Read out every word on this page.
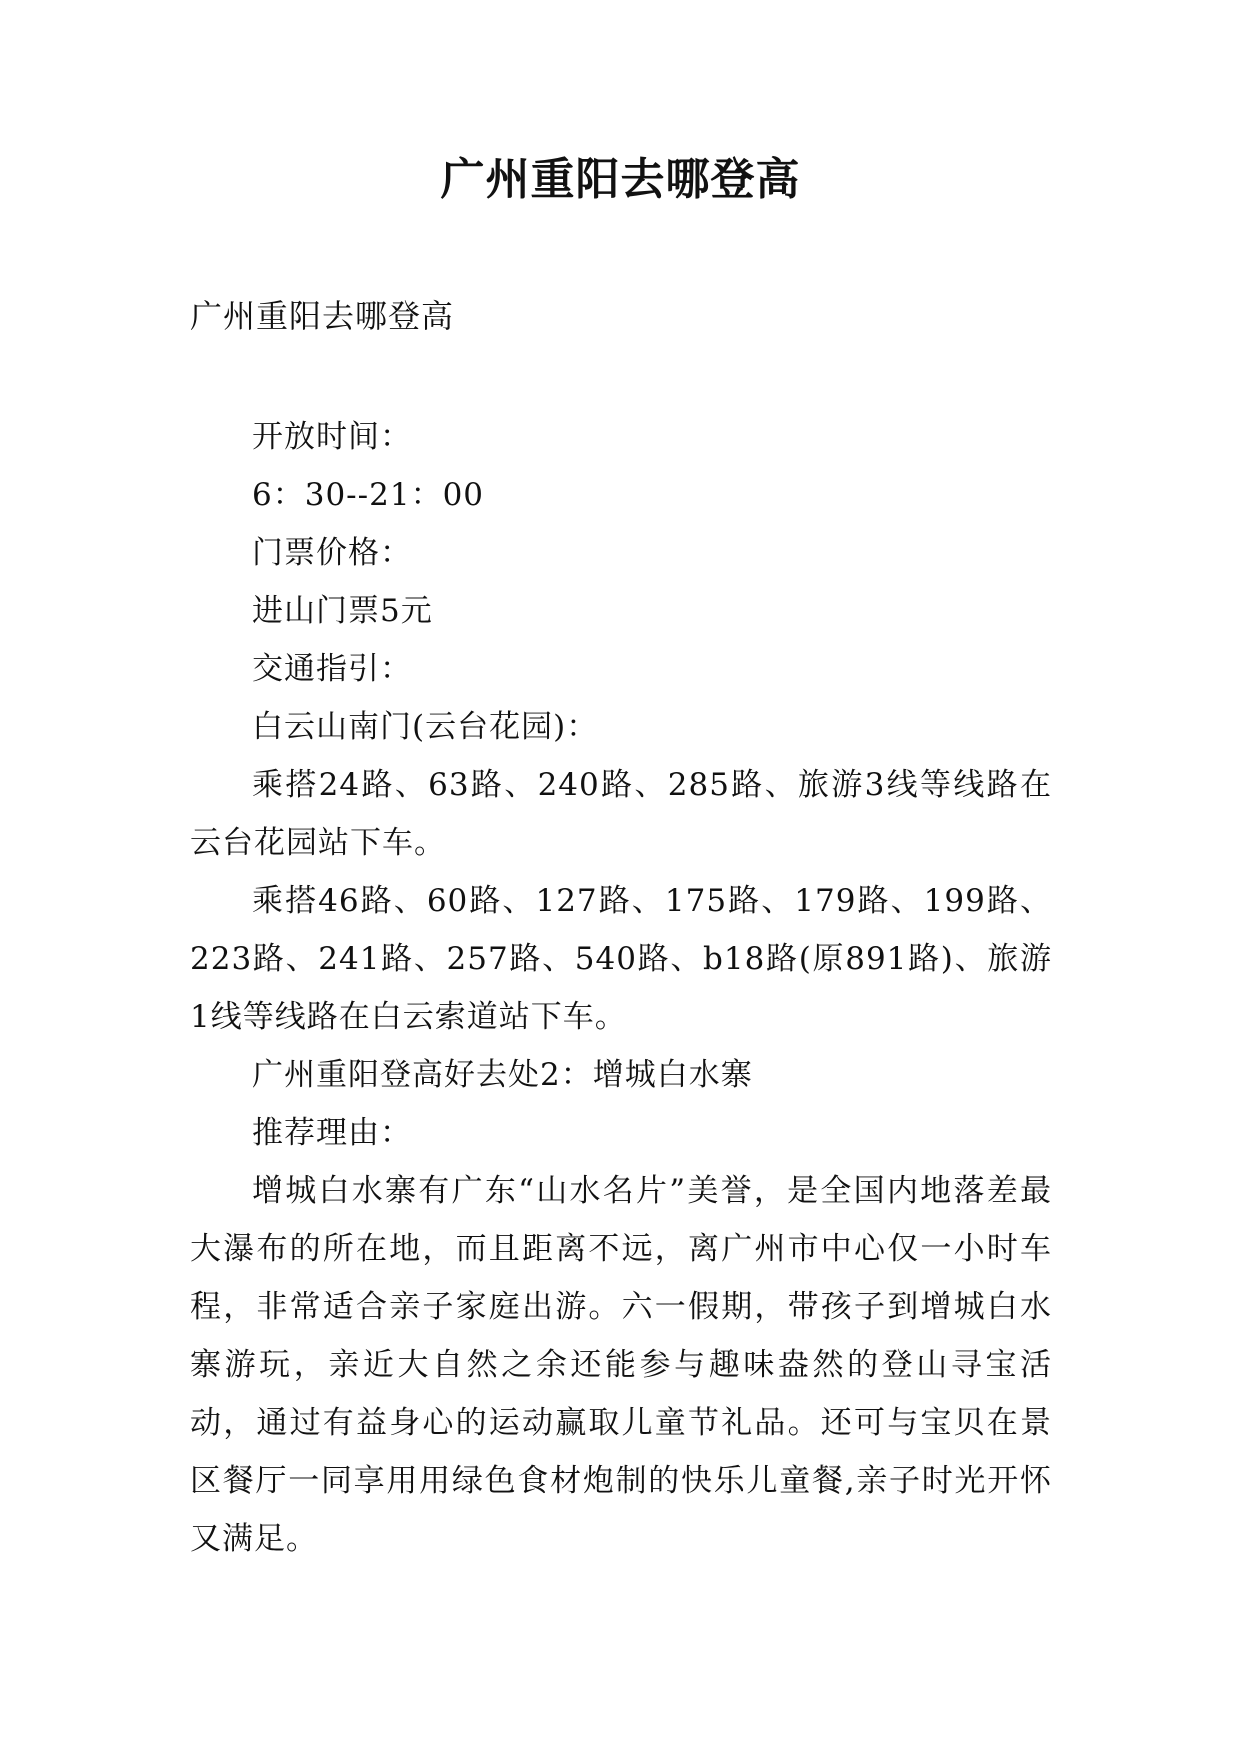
广州重阳去哪登高
广州重阳去哪登高

开放时间：

6：30--21：00

门票价格：

进山门票5元

交通指引：

白云山南门(云台花园)：

乘搭24路、63路、240路、285路、旅游3线等线路在云台花园站下车。

乘搭46路、60路、127路、175路、179路、199路、223路、241路、257路、540路、b18路(原891路)、旅游1线等线路在白云索道站下车。

广州重阳登高好去处2：增城白水寨

推荐理由：

增城白水寨有广东“山水名片”美誉，是全国内地落差最大瀑布的所在地，而且距离不远，离广州市中心仅一小时车程，非常适合亲子家庭出游。六一假期，带孩子到增城白水寨游玩，亲近大自然之余还能参与趣味盎然的登山寻宝活动，通过有益身心的运动赢取儿童节礼品。还可与宝贝在景区餐厅一同享用用绿色食材炮制的快乐儿童餐,亲子时光开怀又满足。
